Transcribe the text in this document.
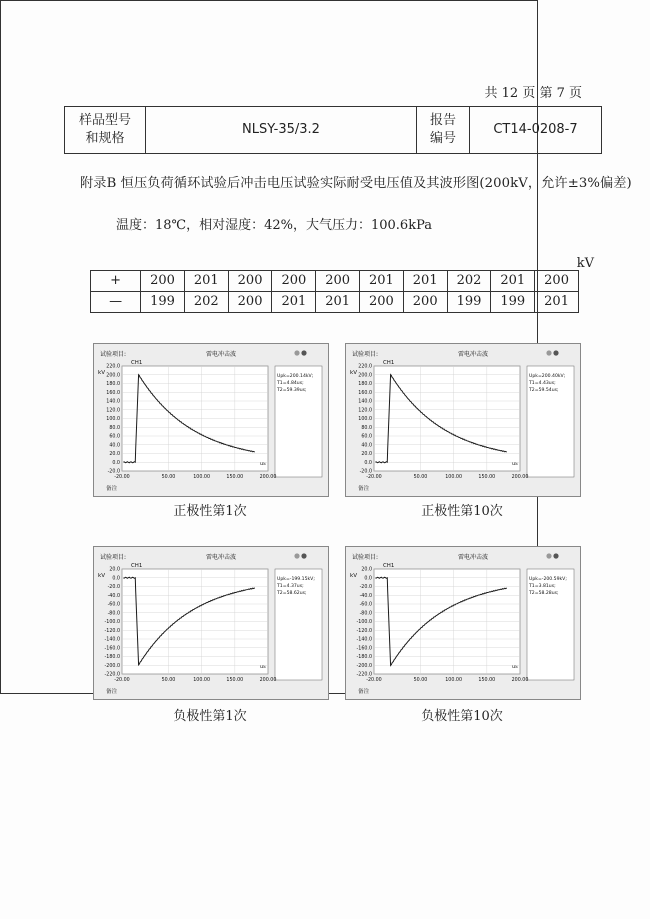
共 12 页 第 7 页
样品型号
和规格	NLSY-35/3.2	报告
编号	CT14-0208-7
附录B 恒压负荷循环试验后冲击电压试验实际耐受电压值及其波形图(200kV，允许±3%偏差)
温度：18℃，相对湿度：42%，大气压力：100.6kPa
kV
+	200	201	200	200	200	201	201	202	201	200
—	199	202	200	201	201	200	200	199	199	201
试验项目:	雷电冲击波
Upk=200.14kV;
T1=4.84us;
T2=59.39us;
CH1
kV
us
备注
220.0
200.0
180.0
160.0
140.0
120.0
100.0
80.0
60.0
40.0
20.0
0.0
-20.0
-20.00	50.00	100.00	150.00	200.00
试验项目:	雷电冲击波
Upk=200.40kV;
T1=4.43us;
T2=59.54us;
CH1
kV
us
备注
220.0
200.0
180.0
160.0
140.0
120.0
100.0
80.0
60.0
40.0
20.0
0.0
-20.0
-20.00	50.00	100.00	150.00	200.00
试验项目:	雷电冲击波
Upk=-199.15kV;
T1=4.37us;
T2=58.62us;
CH1
kV
us
备注
20.0
0.0
-20.0
-40.0
-60.0
-80.0
-100.0
-120.0
-140.0
-160.0
-180.0
-200.0
-220.0
-20.00	50.00	100.00	150.00	200.00
试验项目:	雷电冲击波
Upk=-200.59kV;
T1=3.81us;
T2=58.28us;
CH1
kV
us
备注
20.0
0.0
-20.0
-40.0
-60.0
-80.0
-100.0
-120.0
-140.0
-160.0
-180.0
-200.0
-220.0
-20.00	50.00	100.00	150.00	200.00
正极性第1次	正极性第10次
负极性第1次	负极性第10次
